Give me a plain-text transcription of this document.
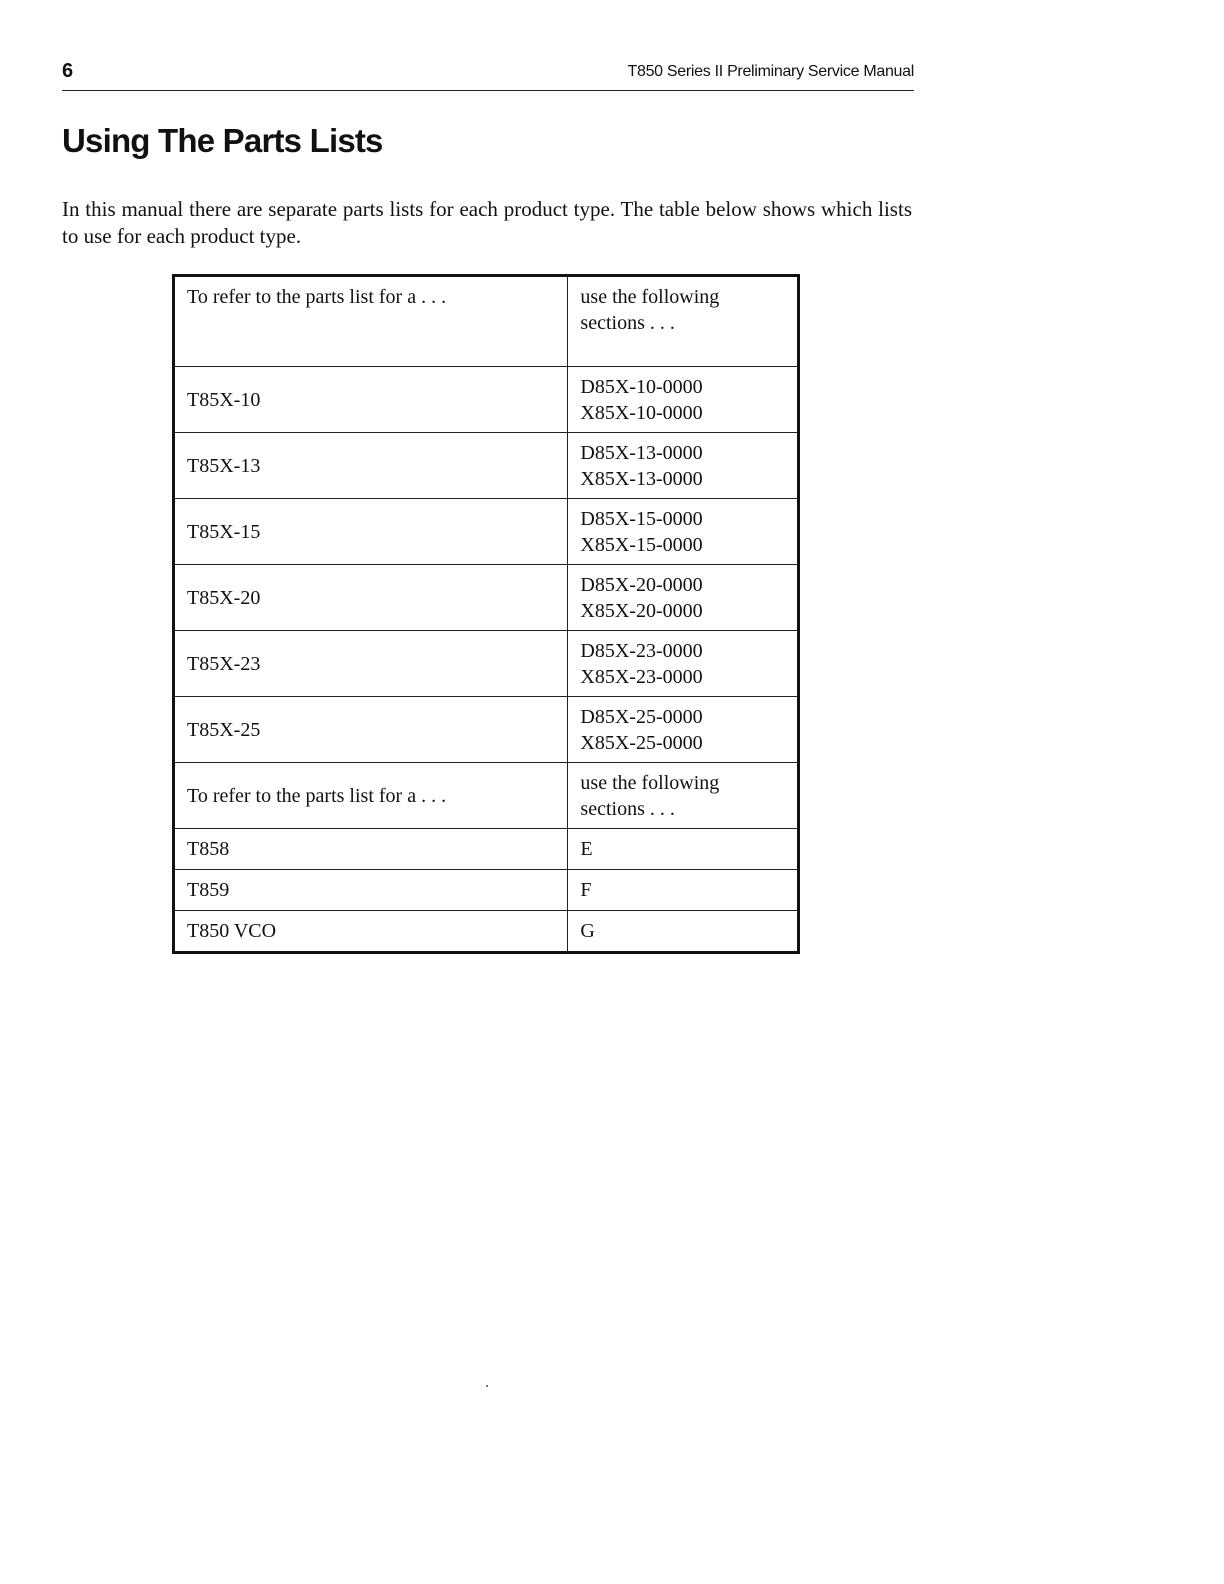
6	T850 Series II Preliminary Service Manual
Using The Parts Lists

In this manual there are separate parts lists for each product type. The table below shows which lists to use for each product type.

To refer to the parts list for a . . .	use the following
sections . . .

T85X-10	D85X-10-0000
X85X-10-0000

T85X-13	D85X-13-0000
X85X-13-0000

T85X-15	D85X-15-0000
X85X-15-0000

T85X-20	D85X-20-0000
X85X-20-0000

T85X-23	D85X-23-0000
X85X-23-0000

T85X-25	D85X-25-0000
X85X-25-0000

To refer to the parts list for a . . .	use the following
sections . . .

T858	E
T859	F
T850 VCO	G
